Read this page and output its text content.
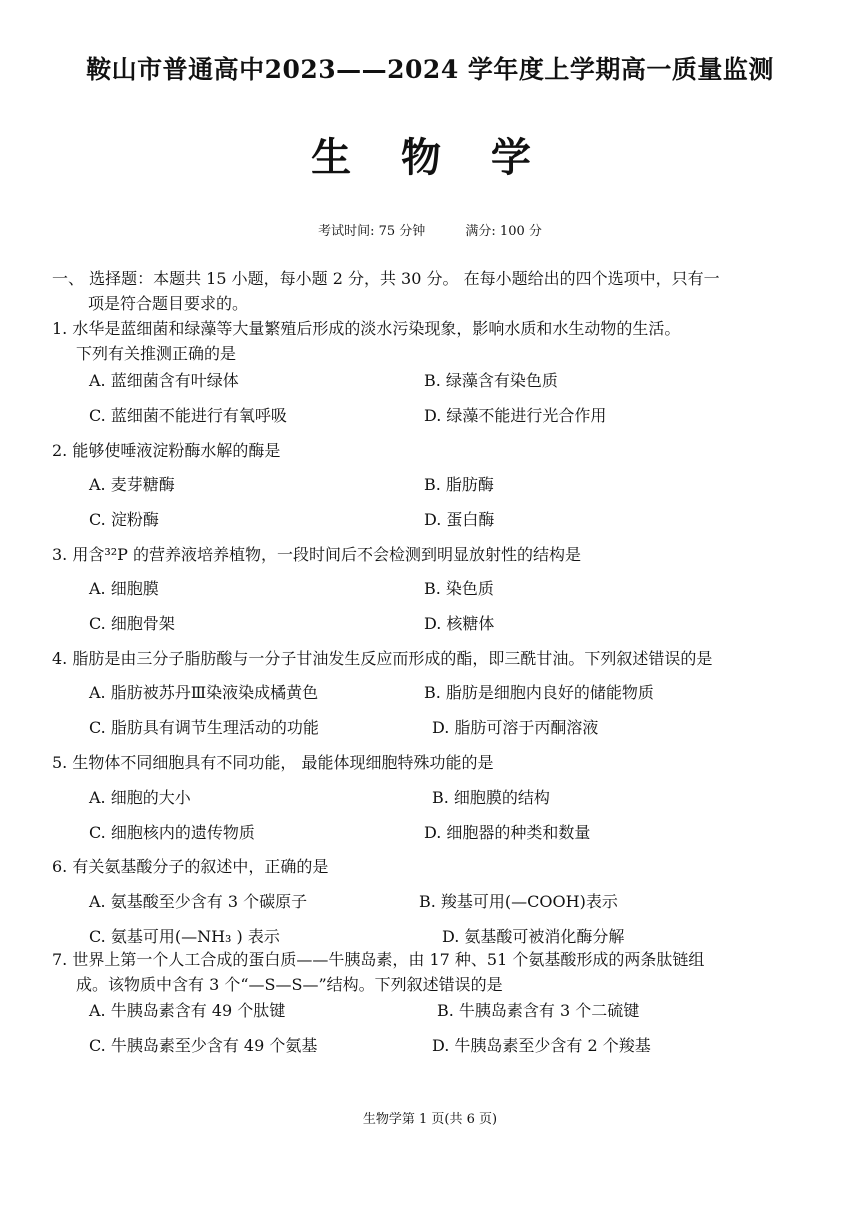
鞍山市普通高中2023——2024 学年度上学期高一质量监测
生 物 学
考试时间: 75 分钟	满分: 100 分
一、 选择题：本题共 15 小题，每小题 2 分，共 30 分。 在每小题给出的四个选项中，只有一
项是符合题目要求的。
1. 水华是蓝细菌和绿藻等大量繁殖后形成的淡水污染现象，影响水质和水生动物的生活。
下列有关推测正确的是
A. 蓝细菌含有叶绿体	B. 绿藻含有染色质
C. 蓝细菌不能进行有氧呼吸	D. 绿藻不能进行光合作用
2. 能够使唾液淀粉酶水解的酶是
A. 麦芽糖酶	B. 脂肪酶
C. 淀粉酶	D. 蛋白酶
3. 用含³²P 的营养液培养植物，一段时间后不会检测到明显放射性的结构是
A. 细胞膜	B. 染色质
C. 细胞骨架	D. 核糖体
4. 脂肪是由三分子脂肪酸与一分子甘油发生反应而形成的酯，即三酰甘油。下列叙述错误的是
A. 脂肪被苏丹Ⅲ染液染成橘黄色	B. 脂肪是细胞内良好的储能物质
C. 脂肪具有调节生理活动的功能	D. 脂肪可溶于丙酮溶液
5. 生物体不同细胞具有不同功能， 最能体现细胞特殊功能的是
A. 细胞的大小	B. 细胞膜的结构
C. 细胞核内的遗传物质	D. 细胞器的种类和数量
6. 有关氨基酸分子的叙述中，正确的是
A. 氨基酸至少含有 3 个碳原子	B. 羧基可用(—COOH)表示
C. 氨基可用(—NH₃ ) 表示	D. 氨基酸可被消化酶分解
7. 世界上第一个人工合成的蛋白质——牛胰岛素，由 17 种、51 个氨基酸形成的两条肽链组
成。该物质中含有 3 个“—S—S—”结构。下列叙述错误的是
A. 牛胰岛素含有 49 个肽键	B. 牛胰岛素含有 3 个二硫键
C. 牛胰岛素至少含有 49 个氨基	D. 牛胰岛素至少含有 2 个羧基
生物学第 1 页(共 6 页)
